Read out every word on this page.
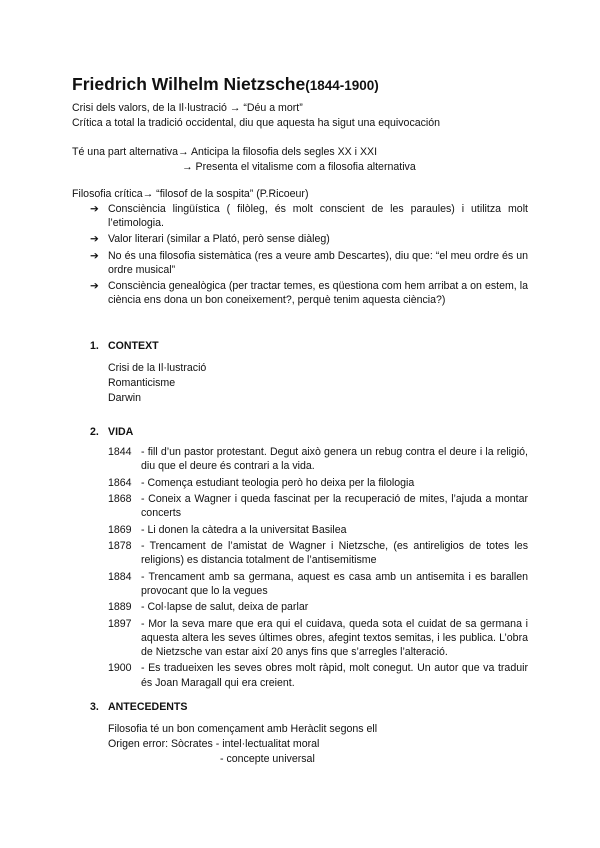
Friedrich Wilhelm Nietzsche(1844-1900)
Crisi dels valors, de la Il·lustració → “Déu a mort”
Crítica a total la tradició occidental, diu que aquesta ha sigut una equivocación
Té una part alternativa→ Anticipa la filosofia dels segles XX i XXI
→ Presenta el vitalisme com a filosofia alternativa
Filosofia crítica→ “filosof de la sospita” (P.Ricoeur)
➔ Consciència lingüística ( filòleg, és molt conscient de les paraules) i utilitza molt l’etimologia.
➔ Valor literari (similar a Plató, però sense diàleg)
➔ No és una filosofia sistemàtica (res a veure amb Descartes), diu que: “el meu ordre és un ordre musical”
➔ Consciència genealògica (per tractar temes, es qüestiona com hem arribat a on estem, la ciència ens dona un bon coneixement?, perquè tenim aquesta ciència?)
1. CONTEXT
Crisi de la Il·lustració
Romanticisme
Darwin
2. VIDA
1844 - fill d’un pastor protestant. Degut això genera un rebug contra el deure i la religió, diu que el deure és contrari a la vida.
1864 - Comença estudiant teologia però ho deixa per la filologia
1868 - Coneix a Wagner i queda fascinat per la recuperació de mites, l’ajuda a montar concerts
1869 - Li donen la càtedra a la universitat Basilea
1878 - Trencament de l’amistat de Wagner i Nietzsche, (es antireligios de totes les religions) es distancia totalment de l’antisemitisme
1884 - Trencament amb sa germana, aquest es casa amb un antisemita i es barallen provocant que lo la vegues
1889 - Col·lapse de salut, deixa de parlar
1897 - Mor la seva mare que era qui el cuidava, queda sota el cuidat de sa germana i aquesta altera les seves últimes obres, afegint textos semitas, i les publica. L’obra de Nietzsche van estar així 20 anys fins que s’arregles l’alteració.
1900 - Es tradueixen les seves obres molt ràpid, molt conegut. Un autor que va traduir és Joan Maragall qui era creient.
3. ANTECEDENTS
Filosofia té un bon començament amb Heràclit segons ell
Origen error: Sòcrates - intel·lectualitat moral
- concepte universal
